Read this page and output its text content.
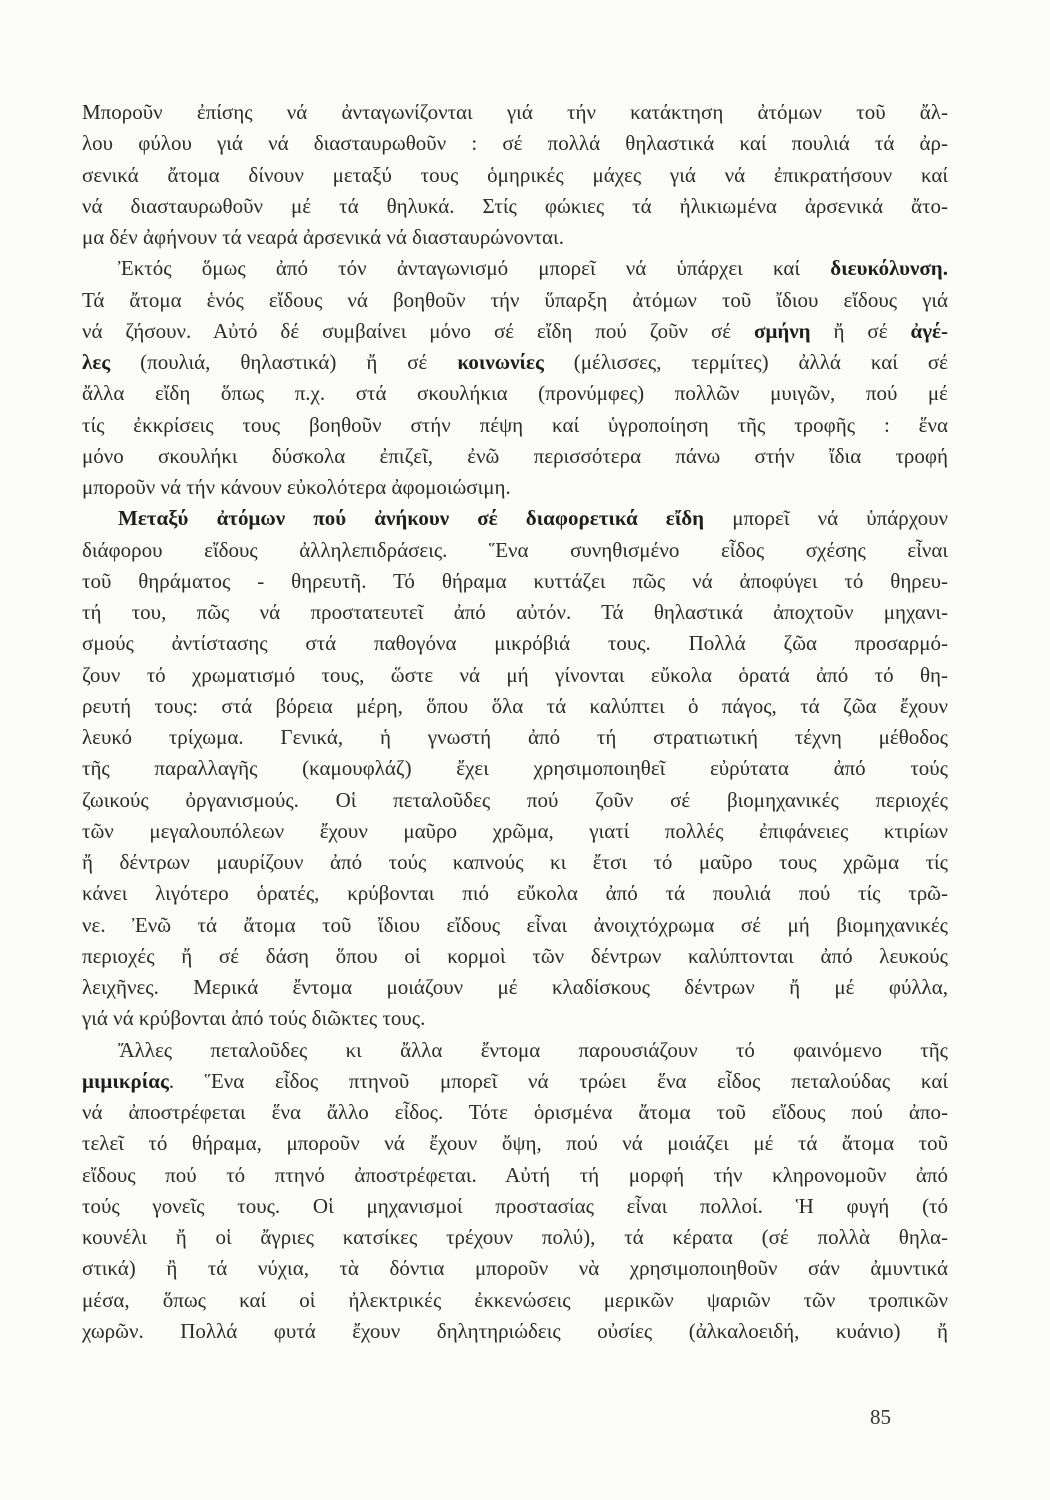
Μποροῦν ἐπίσης νά ἀνταγωνίζονται γιά τήν κατάκτηση ἀτόμων τοῦ ἄλ-
λου φύλου γιά νά διασταυρωθοῦν : σέ πολλά θηλαστικά καί πουλιά τά ἀρ-
σενικά ἄτομα δίνουν μεταξύ τους ὁμηρικές μάχες γιά νά ἐπικρατήσουν καί
νά διασταυρωθοῦν μέ τά θηλυκά. Στίς φώκιες τά ἠλικιωμένα ἀρσενικά ἄτο-
μα δέν ἀφήνουν τά νεαρά ἀρσενικά νά διασταυρώνονται.
Ἐκτός ὅμως ἀπό τόν ἀνταγωνισμό μπορεῖ νά ὑπάρχει καί διευκόλυνση.
Τά ἄτομα ἑνός εἴδους νά βοηθοῦν τήν ὕπαρξη ἀτόμων τοῦ ἴδιου εἴδους γιά
νά ζήσουν. Αὐτό δέ συμβαίνει μόνο σέ εἴδη πού ζοῦν σέ σμήνη ἤ σέ ἀγέ-
λες (πουλιά, θηλαστικά) ἤ σέ κοινωνίες (μέλισσες, τερμίτες) ἀλλά καί σέ
ἄλλα εἴδη ὅπως π.χ. στά σκουλήκια (προνύμφες) πολλῶν μυιγῶν, πού μέ
τίς ἐκκρίσεις τους βοηθοῦν στήν πέψη καί ὑγροποίηση τῆς τροφῆς : ἕνα
μόνο σκουλήκι δύσκολα ἐπιζεῖ, ἐνῶ περισσότερα πάνω στήν ἴδια τροφή
μποροῦν νά τήν κάνουν εὐκολότερα ἀφομοιώσιμη.
Μεταξύ ἀτόμων πού ἀνήκουν σέ διαφορετικά εἴδη μπορεῖ νά ὑπάρχουν
διάφορου εἴδους ἀλληλεπιδράσεις. Ἕνα συνηθισμένο εἶδος σχέσης εἶναι
τοῦ θηράματος - θηρευτῆ. Τό θήραμα κυττάζει πῶς νά ἀποφύγει τό θηρευ-
τή του, πῶς νά προστατευτεῖ ἀπό αὐτόν. Τά θηλαστικά ἀποχτοῦν μηχανι-
σμούς ἀντίστασης στά παθογόνα μικρόβιά τους. Πολλά ζῶα προσαρμό-
ζουν τό χρωματισμό τους, ὥστε νά μή γίνονται εὔκολα ὁρατά ἀπό τό θη-
ρευτή τους: στά βόρεια μέρη, ὅπου ὅλα τά καλύπτει ὁ πάγος, τά ζῶα ἔχουν
λευκό τρίχωμα. Γενικά, ἡ γνωστή ἀπό τή στρατιωτική τέχνη μέθοδος
τῆς παραλλαγῆς (καμουφλάζ) ἔχει χρησιμοποιηθεῖ εὐρύτατα ἀπό τούς
ζωικούς ὀργανισμούς. Οἱ πεταλοῦδες πού ζοῦν σέ βιομηχανικές περιοχές
τῶν μεγαλουπόλεων ἔχουν μαῦρο χρῶμα, γιατί πολλές ἐπιφάνειες κτιρίων
ἤ δέντρων μαυρίζουν ἀπό τούς καπνούς κι ἔτσι τό μαῦρο τους χρῶμα τίς
κάνει λιγότερο ὁρατές, κρύβονται πιό εὔκολα ἀπό τά πουλιά πού τίς τρῶ-
νε. Ἐνῶ τά ἄτομα τοῦ ἴδιου εἴδους εἶναι ἀνοιχτόχρωμα σέ μή βιομηχανικές
περιοχές ἤ σέ δάση ὅπου οἱ κορμοὶ τῶν δέντρων καλύπτονται ἀπό λευκούς
λειχῆνες. Μερικά ἔντομα μοιάζουν μέ κλαδίσκους δέντρων ἤ μέ φύλλα,
γιά νά κρύβονται ἀπό τούς διῶκτες τους.
Ἄλλες πεταλοῦδες κι ἄλλα ἔντομα παρουσιάζουν τό φαινόμενο τῆς
μιμικρίας. Ἕνα εἶδος πτηνοῦ μπορεῖ νά τρώει ἕνα εἶδος πεταλούδας καί
νά ἀποστρέφεται ἕνα ἄλλο εἶδος. Τότε ὁρισμένα ἄτομα τοῦ εἴδους πού ἀπο-
τελεῖ τό θήραμα, μποροῦν νά ἔχουν ὄψη, πού νά μοιάζει μέ τά ἄτομα τοῦ
εἴδους πού τό πτηνό ἀποστρέφεται. Αὐτή τή μορφή τήν κληρονομοῦν ἀπό
τούς γονεῖς τους. Οἱ μηχανισμοί προστασίας εἶναι πολλοί. Ἡ φυγή (τό
κουνέλι ἤ οἱ ἄγριες κατσίκες τρέχουν πολύ), τά κέρατα (σέ πολλὰ θηλα-
στικά) ἢ τά νύχια, τὰ δόντια μποροῦν νὰ χρησιμοποιηθοῦν σάν ἀμυντικά
μέσα, ὅπως καί οἱ ἠλεκτρικές ἐκκενώσεις μερικῶν ψαριῶν τῶν τροπικῶν
χωρῶν. Πολλά φυτά ἔχουν δηλητηριώδεις οὐσίες (ἀλκαλοειδή, κυάνιο) ἤ
85
